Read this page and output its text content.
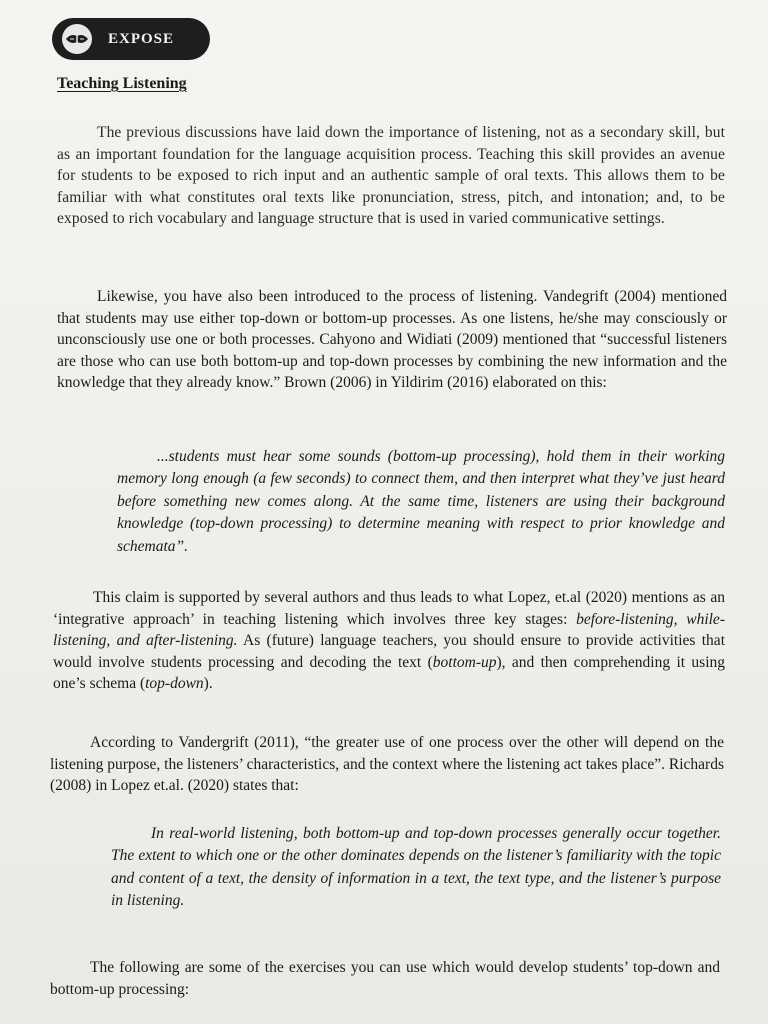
EXPOSE
Teaching Listening

The previous discussions have laid down the importance of listening, not as a secondary skill, but as an important foundation for the language acquisition process. Teaching this skill provides an avenue for students to be exposed to rich input and an authentic sample of oral texts. This allows them to be familiar with what constitutes oral texts like pronunciation, stress, pitch, and intonation; and, to be exposed to rich vocabulary and language structure that is used in varied communicative settings.

Likewise, you have also been introduced to the process of listening. Vandegrift (2004) mentioned that students may use either top-down or bottom-up processes. As one listens, he/she may consciously or unconsciously use one or both processes. Cahyono and Widiati (2009) mentioned that “successful listeners are those who can use both bottom-up and top-down processes by combining the new information and the knowledge that they already know.” Brown (2006) in Yildirim (2016) elaborated on this:

...students must hear some sounds (bottom-up processing), hold them in their working memory long enough (a few seconds) to connect them, and then interpret what they’ve just heard before something new comes along. At the same time, listeners are using their background knowledge (top-down processing) to determine meaning with respect to prior knowledge and schemata”.

This claim is supported by several authors and thus leads to what Lopez, et.al (2020) mentions as an ‘integrative approach’ in teaching listening which involves three key stages: before-listening, while-listening, and after-listening. As (future) language teachers, you should ensure to provide activities that would involve students processing and decoding the text (bottom-up), and then comprehending it using one’s schema (top-down).

According to Vandergrift (2011), “the greater use of one process over the other will depend on the listening purpose, the listeners’ characteristics, and the context where the listening act takes place”. Richards (2008) in Lopez et.al. (2020) states that:

In real-world listening, both bottom-up and top-down processes generally occur together. The extent to which one or the other dominates depends on the listener’s familiarity with the topic and content of a text, the density of information in a text, the text type, and the listener’s purpose in listening.

The following are some of the exercises you can use which would develop students’ top-down and bottom-up processing:
